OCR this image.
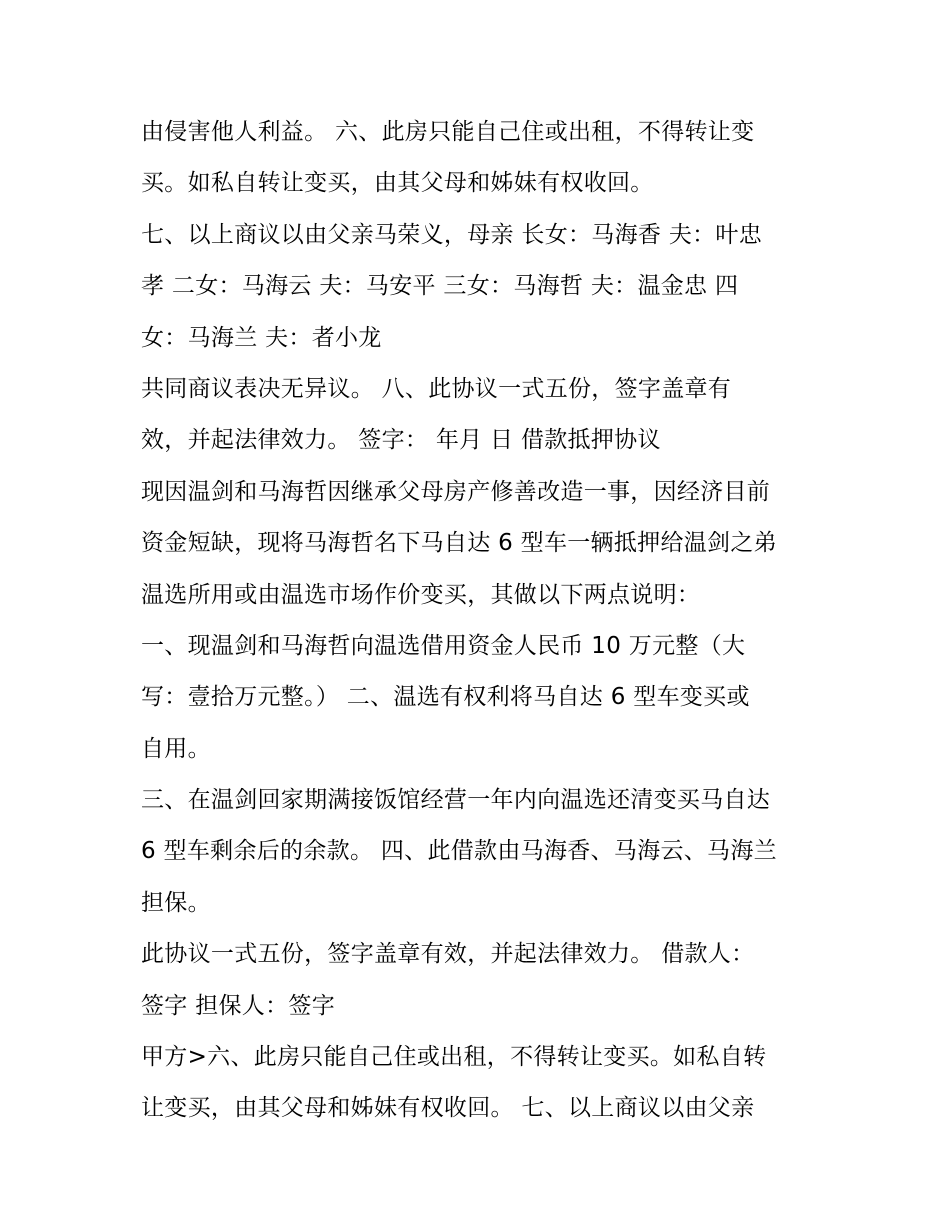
由侵害他人利益。 六、此房只能自己住或出租，不得转让变
买。如私自转让变买，由其父母和姊妹有权收回。
七、以上商议以由父亲马荣义，母亲 长女：马海香 夫：叶忠
孝 二女：马海云 夫：马安平 三女：马海哲 夫：温金忠 四
女：马海兰 夫：者小龙
共同商议表决无异议。 八、此协议一式五份，签字盖章有
效，并起法律效力。 签字： 年月 日 借款抵押协议
现因温剑和马海哲因继承父母房产修善改造一事，因经济目前
资金短缺，现将马海哲名下马自达 6 型车一辆抵押给温剑之弟
温选所用或由温选市场作价变买，其做以下两点说明：
一、现温剑和马海哲向温选借用资金人民币 10 万元整（大
写：壹拾万元整。） 二、温选有权利将马自达 6 型车变买或
自用。
三、在温剑回家期满接饭馆经营一年内向温选还清变买马自达
6 型车剩余后的余款。 四、此借款由马海香、马海云、马海兰
担保。
此协议一式五份，签字盖章有效，并起法律效力。 借款人：
签字 担保人：签字
甲方>六、此房只能自己住或出租，不得转让变买。如私自转
让变买，由其父母和姊妹有权收回。 七、以上商议以由父亲
